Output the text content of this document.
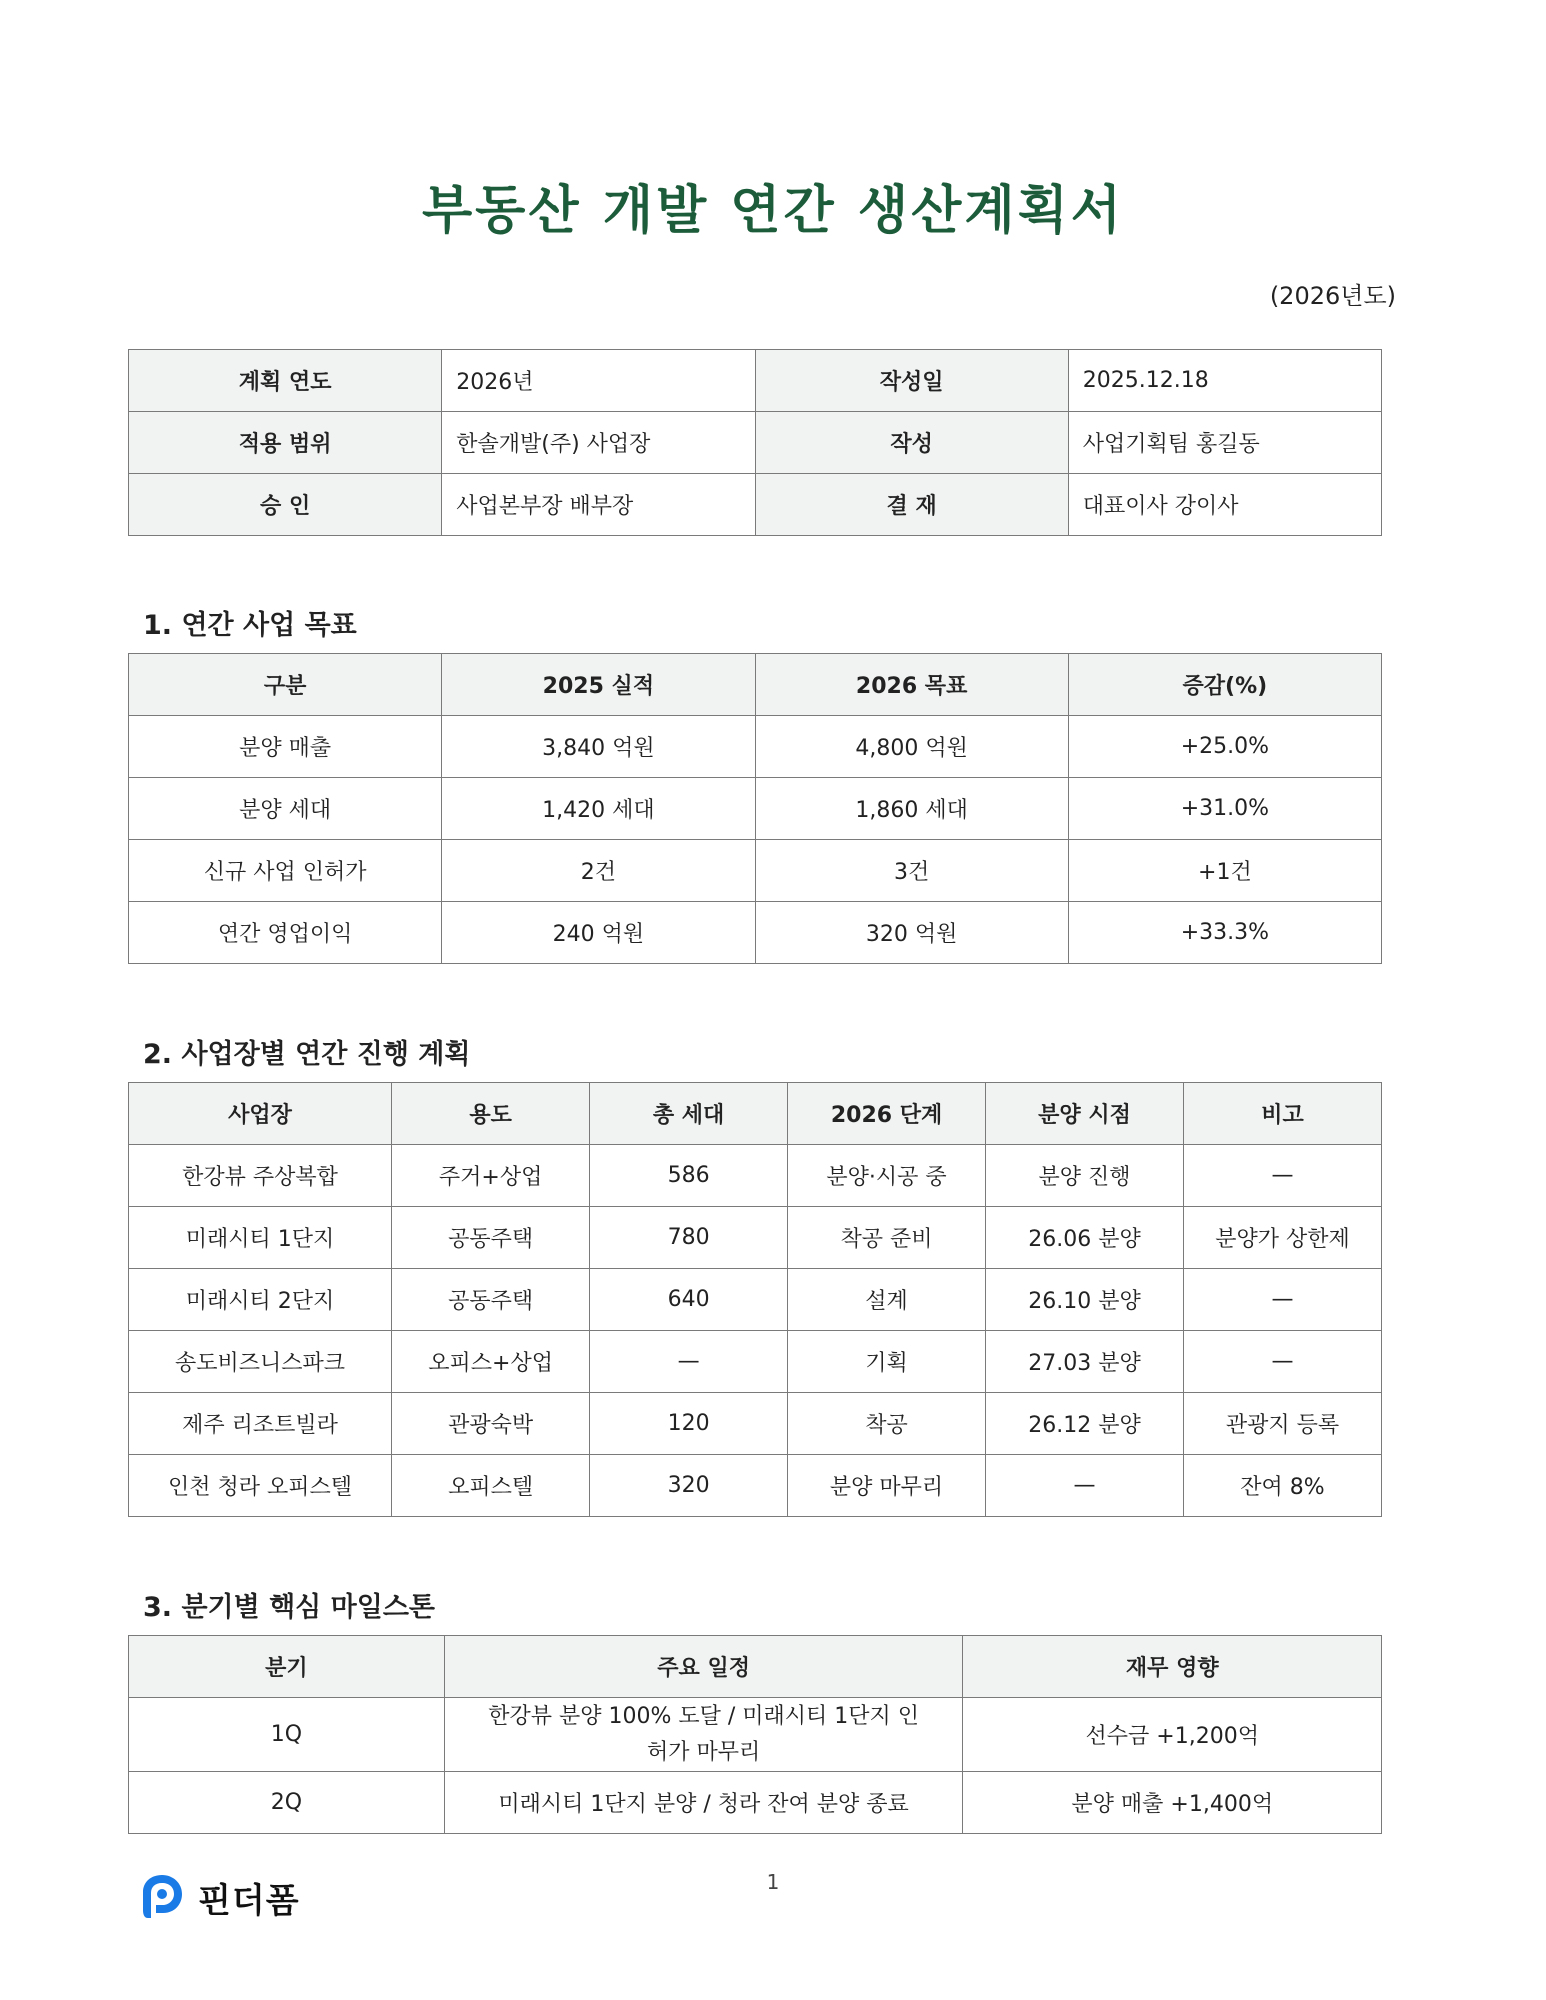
부동산 개발 연간 생산계획서
(2026년도)
계획 연도	2026년	작성일	2025.12.18
적용 범위	한솔개발(주) 사업장	작성	사업기획팀 홍길동
승 인	사업본부장 배부장	결 재	대표이사 강이사
1. 연간 사업 목표
구분	2025 실적	2026 목표	증감(%)
분양 매출	3,840 억원	4,800 억원	+25.0%
분양 세대	1,420 세대	1,860 세대	+31.0%
신규 사업 인허가	2건	3건	+1건
연간 영업이익	240 억원	320 억원	+33.3%
2. 사업장별 연간 진행 계획
사업장	용도	총 세대	2026 단계	분양 시점	비고
한강뷰 주상복합	주거+상업	586	분양·시공 중	분양 진행	—
미래시티 1단지	공동주택	780	착공 준비	26.06 분양	분양가 상한제
미래시티 2단지	공동주택	640	설계	26.10 분양	—
송도비즈니스파크	오피스+상업	—	기획	27.03 분양	—
제주 리조트빌라	관광숙박	120	착공	26.12 분양	관광지 등록
인천 청라 오피스텔	오피스텔	320	분양 마무리	—	잔여 8%
3. 분기별 핵심 마일스톤
분기	주요 일정	재무 영향
1Q	한강뷰 분양 100% 도달 / 미래시티 1단지 인허가 마무리	선수금 +1,200억
2Q	미래시티 1단지 분양 / 청라 잔여 분양 종료	분양 매출 +1,400억
1
핀더폼
